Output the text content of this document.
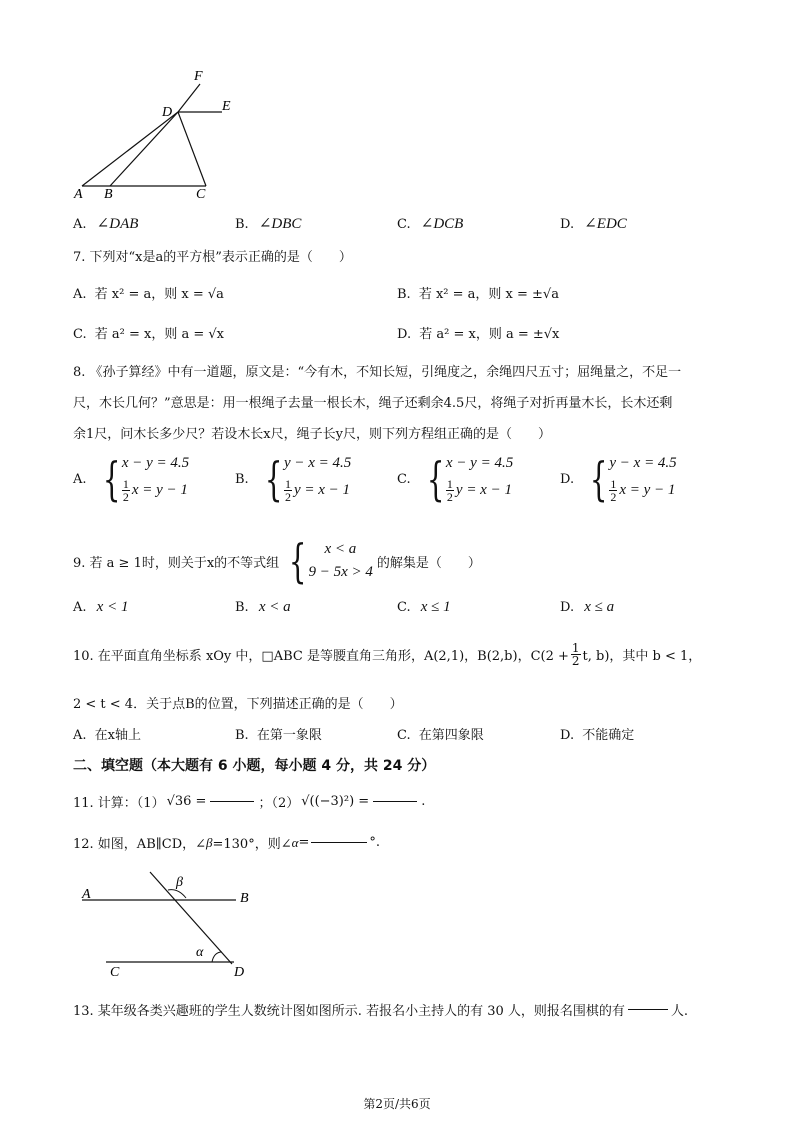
F
D	E
A B	C
A. ∠DAB	B. ∠DBC	C. ∠DCB	D. ∠EDC
7. 下列对“x是a的平方根”表示正确的是（　　）
A. 若 x² = a，则 x = √a	B. 若 x² = a，则 x = ±√a
C. 若 a² = x，则 a = √x	D. 若 a² = x，则 a = ±√x
8. 《孙子算经》中有一道题，原文是：“今有木，不知长短，引绳度之，余绳四尺五寸；屈绳量之，不足一
尺，木长几何？”意思是：用一根绳子去量一根长木，绳子还剩余4.5尺，将绳子对折再量木长，长木还剩
余1尺，问木长多少尺？若设木长x尺，绳子长y尺，则下列方程组正确的是（　　）
A. { x − y = 4.5
$\frac{1}{2}$ x = y − 1
B. { y − x = 4.5
$\frac{1}{2}$ y = x − 1
C. { x − y = 4.5
$\frac{1}{2}$ y = x − 1
D. { y − x = 4.5
$\frac{1}{2}$ x = y − 1
9. 若 a ≥ 1时，则关于x的不等式组 {	x < a
9 − 5x > 4
的解集是（　　）
A. x < 1	B. x < a	C. x ≤ 1	D. x ≤ a
10. 在平面直角坐标系 xOy 中， □ABC 是等腰直角三角形，A(2,1)，B(2,b)，$C(2 + \frac{1}{2} t$, b)，其中 b < 1，
2 < t < 4．关于点B的位置，下列描述正确的是（　　）
A. 在x轴上	B. 在第一象限	C. 在第四象限	D. 不能确定
二、填空题（本大题有 6 小题，每小题 4 分，共 24 分）
11. 计算：（1） √36 =	；（2） √((−3)²) =	.
12. 如图，AB∥CD，∠ β =130°，则∠ α =	°.
A	B
C	D
β
α
13. 某年级各类兴趣班的学生人数统计图如图所示. 若报名小主持人的有 30 人，则报名围棋的有	人.
第2页/共6页
